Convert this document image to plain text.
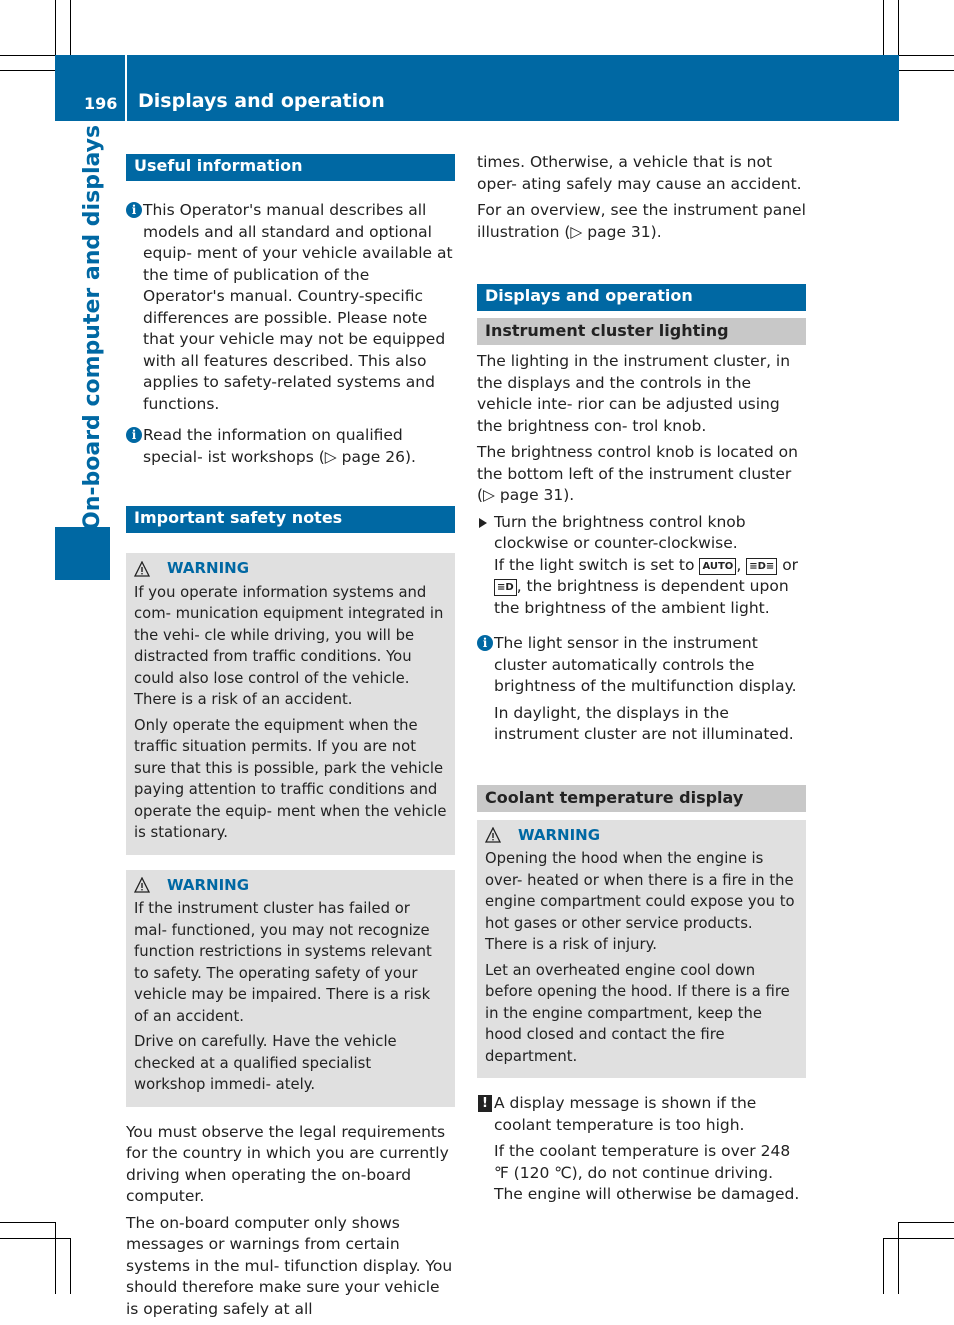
196 Displays and operation
On-board computer and displays	Useful information
i This Operator's manual describes all models and all standard and optional equip- ment of your vehicle available at the time of publication of the Operator's manual. Country-specific differences are possible. Please note that your vehicle may not be equipped with all features described. This also applies to safety-related systems and functions.
i Read the information on qualified special- ist workshops (▷ page 26).
Important safety notes
WARNING

If you operate information systems and com- munication equipment integrated in the vehi- cle while driving, you will be distracted from traffic conditions. You could also lose control of the vehicle. There is a risk of an accident.

Only operate the equipment when the traffic situation permits. If you are not sure that this is possible, park the vehicle paying attention to traffic conditions and operate the equip- ment when the vehicle is stationary.

WARNING

If the instrument cluster has failed or mal- functioned, you may not recognize function restrictions in systems relevant to safety. The operating safety of your vehicle may be impaired. There is a risk of an accident.

Drive on carefully. Have the vehicle checked at a qualified specialist workshop immedi- ately.

You must observe the legal requirements for the country in which you are currently driving when operating the on-board computer.

The on-board computer only shows messages or warnings from certain systems in the mul- tifunction display. You should therefore make sure your vehicle is operating safely at all

times. Otherwise, a vehicle that is not oper- ating safely may cause an accident.

For an overview, see the instrument panel illustration (▷ page 31).

Displays and operation
Instrument cluster lighting

The lighting in the instrument cluster, in the displays and the controls in the vehicle inte- rior can be adjusted using the brightness con- trol knob.

The brightness control knob is located on the bottom left of the instrument cluster (▷ page 31).

Turn the brightness control knob clockwise or counter-clockwise.
If the light switch is set to AUTO , ≡D≡ or ≡D , the brightness is dependent upon the brightness of the ambient light.
i The light sensor in the instrument cluster automatically controls the brightness of the multifunction display.

In daylight, the displays in the instrument cluster are not illuminated.

Coolant temperature display
WARNING

Opening the hood when the engine is over- heated or when there is a fire in the engine compartment could expose you to hot gases or other service products. There is a risk of injury.

Let an overheated engine cool down before opening the hood. If there is a fire in the engine compartment, keep the hood closed and contact the fire department.

! A display message is shown if the coolant temperature is too high.

If the coolant temperature is over 248 ℉ (120 ℃), do not continue driving. The engine will otherwise be damaged.
